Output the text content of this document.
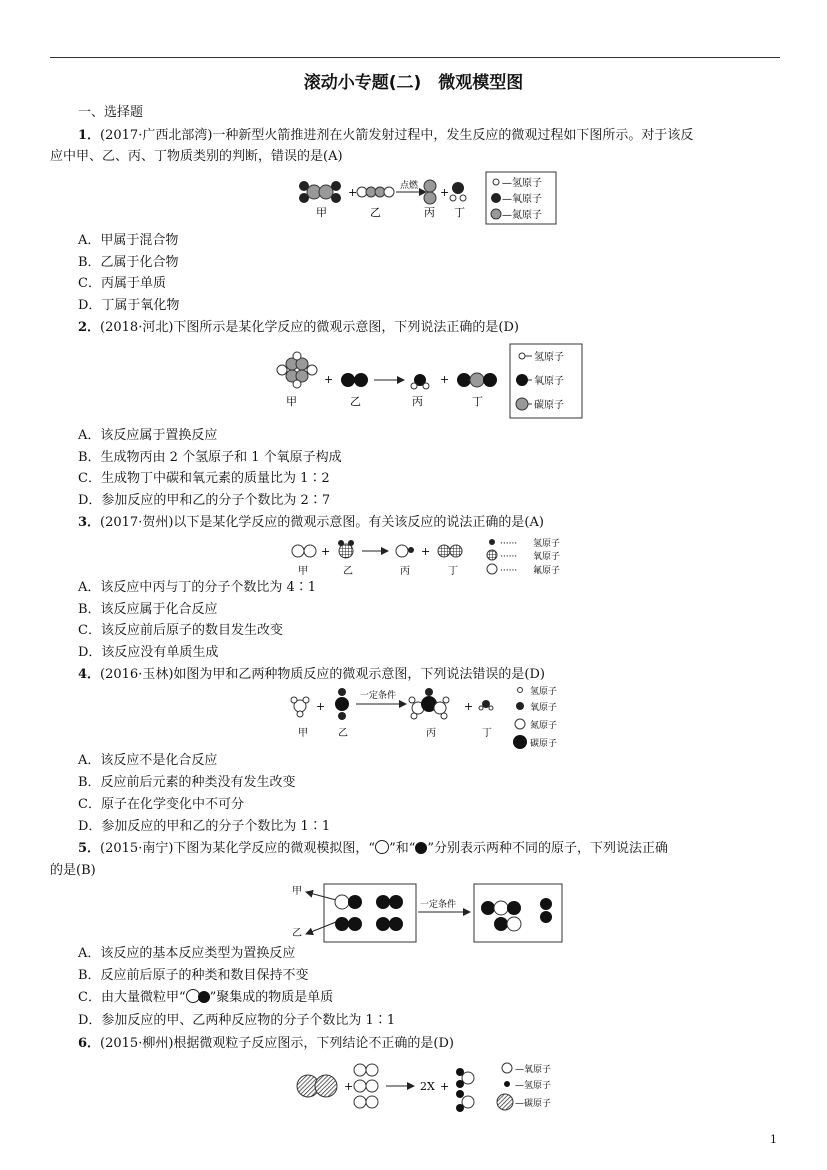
滚动小专题(二)　微观模型图
一、选择题
1．(2017·广西北部湾)一种新型火箭推进剂在火箭发射过程中，发生反应的微观过程如下图所示。对于该反
应中甲、乙、丙、丁物质类别的判断，错误的是(A)
甲
+
乙
点燃
丙
+
丁
—氢原子
—氧原子
—氮原子
A．甲属于混合物
B．乙属于化合物
C．丙属于单质
D．丁属于氧化物
2．(2018·河北)下图所示是某化学反应的微观示意图，下列说法正确的是(D)
甲
+
乙	丙
+
丁
氢原子
氧原子
碳原子
A．该反应属于置换反应
B．生成物丙由 2 个氢原子和 1 个氧原子构成
C．生成物丁中碳和氧元素的质量比为 1∶2
D．参加反应的甲和乙的分子个数比为 2∶7
3．(2017·贺州)以下是某化学反应的微观示意图。有关该反应的说法正确的是(A)
甲
+
乙	丙
+
丁
······ 氢原子
······ 氧原子
······ 氟原子
A．该反应中丙与丁的分子个数比为 4∶1
B．该反应属于化合反应
C．该反应前后原子的数目发生改变
D．该反应没有单质生成
4．(2016·玉林)如图为甲和乙两种物质反应的微观示意图，下列说法错误的是(D)
甲
+
乙
一定条件
丙
+
丁
氢原子
氧原子
氮原子
碳原子
A．该反应不是化合反应
B．反应前后元素的种类没有发生改变
C．原子在化学变化中不可分
D．参加反应的甲和乙的分子个数比为 1∶1
5．(2015·南宁)下图为某化学反应的微观模拟图，“ ”和“ ”分别表示两种不同的原子，下列说法正确
的是(B)
甲
乙
一定条件
A．该反应的基本反应类型为置换反应
B．反应前后原子的种类和数目保持不变
C．由大量微粒甲“ ”聚集成的物质是单质
D．参加反应的甲、乙两种反应物的分子个数比为 1∶1
6．(2015·柳州)根据微观粒子反应图示，下列结论不正确的是(D)
+	2X +
—氧原子
—氢原子
—碳原子
1
